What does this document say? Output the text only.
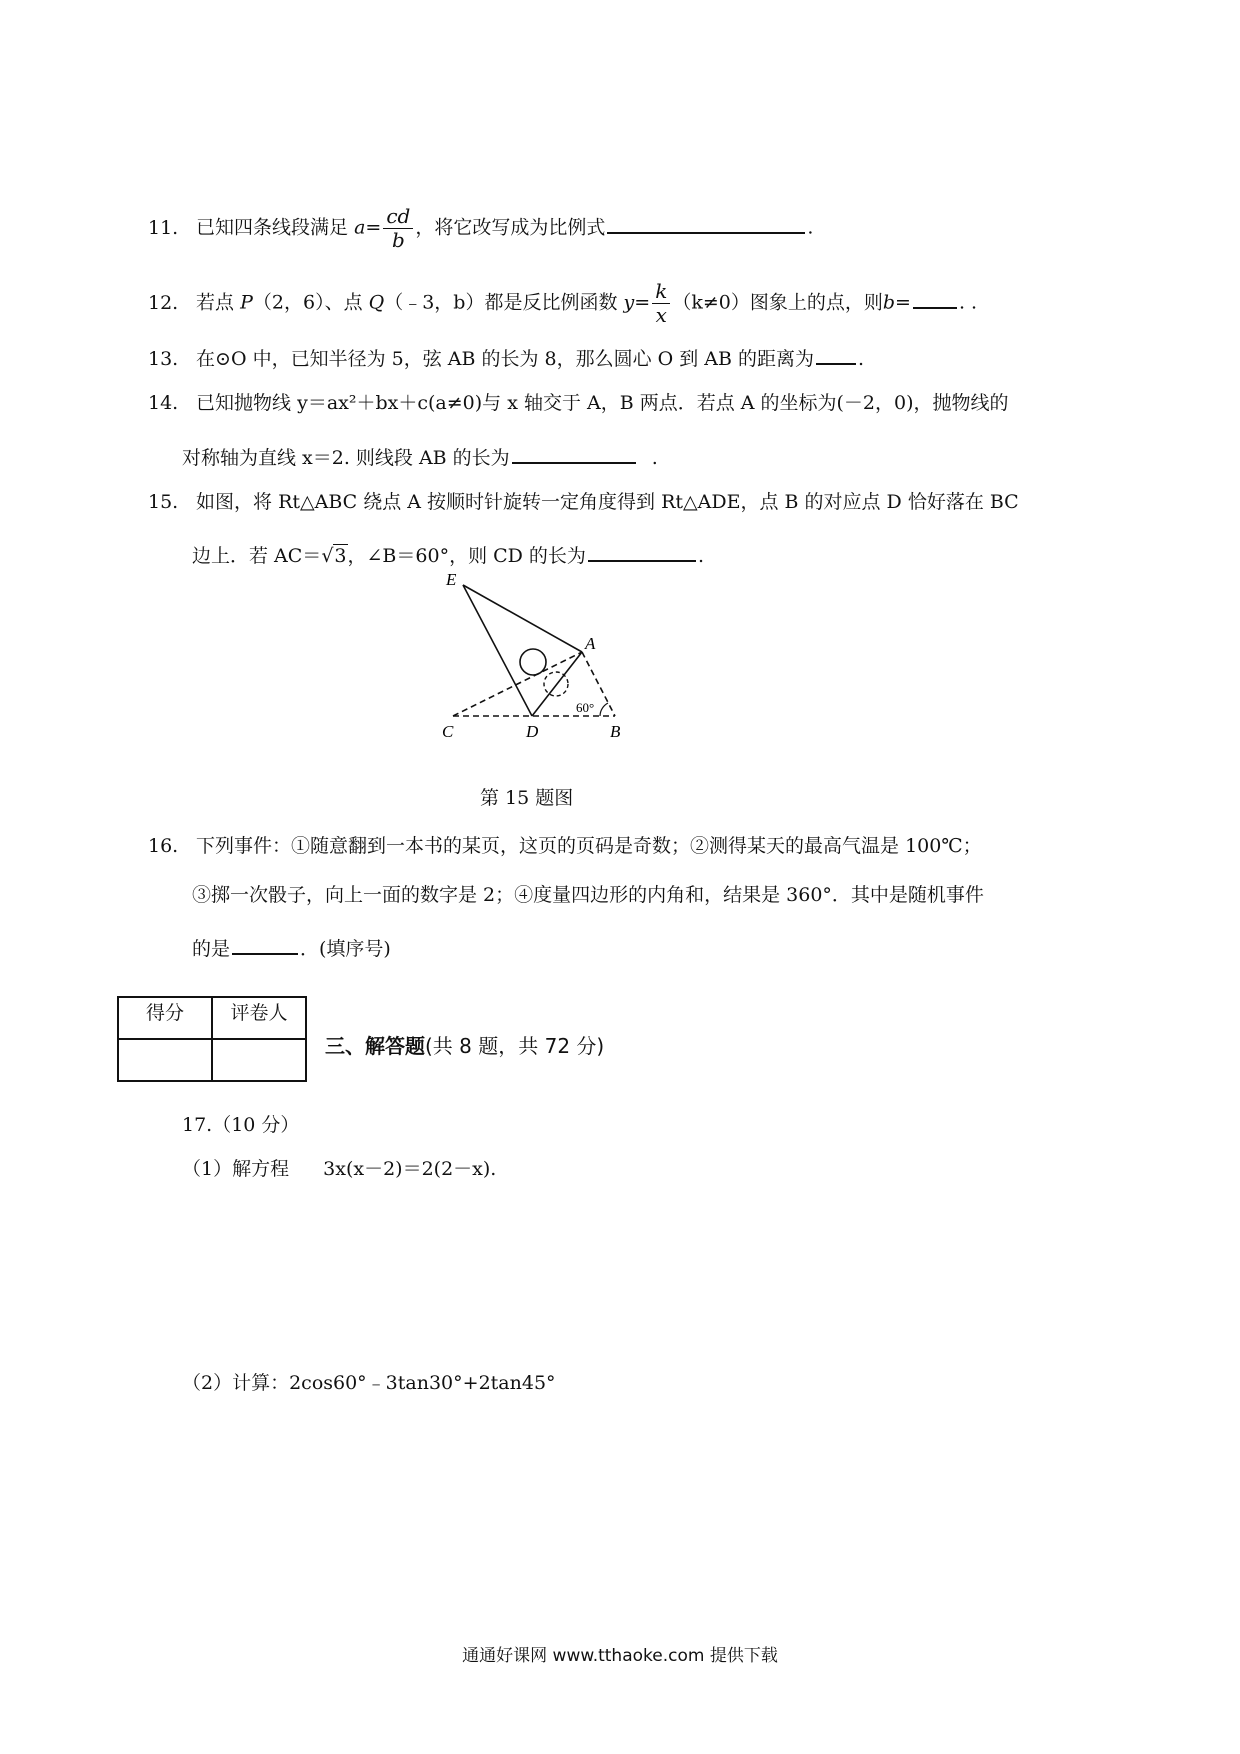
11. 已知四条线段满足 $a= \frac{cd}{b}$ ，将它改写成为比例式	.
12. 若点 P（2，6）、点 Q（﹣3，b）都是反比例函数 $y= \frac{k}{x} (k\ne 0)$图象上的点，则b=	. .
13. 在⊙O 中，已知半径为 5，弦 AB 的长为 8，那么圆心 O 到 AB 的距离为 .
14. 已知抛物线 y＝ax²＋bx＋c(a≠0)与 x 轴交于 A，B 两点．若点 A 的坐标为(－2，0)，抛物线的
对称轴为直线 x＝2. 则线段 AB 的长为	.
15. 如图，将 Rt△ABC 绕点 A 按顺时针旋转一定角度得到 Rt△ADE，点 B 的对应点 D 恰好落在 BC
边上．若 AC＝√3，∠B＝60°，则 CD 的长为	.
E
A
C	D	B
60°
第 15 题图
16. 下列事件：①随意翻到一本书的某页，这页的页码是奇数；②测得某天的最高气温是 100℃；
③掷一次骰子，向上一面的数字是 2；④度量四边形的内角和，结果是 360°．其中是随机事件
的是	．(填序号)
得分	评卷人

三、解答题(共 8 题，共 72 分)
17.（10 分）
（1）解方程 3x(x－2)＝2(2－x).
（2）计算：2cos60°﹣3tan30°+2tan45°
通通好课网 www.tthaoke.com 提供下载
